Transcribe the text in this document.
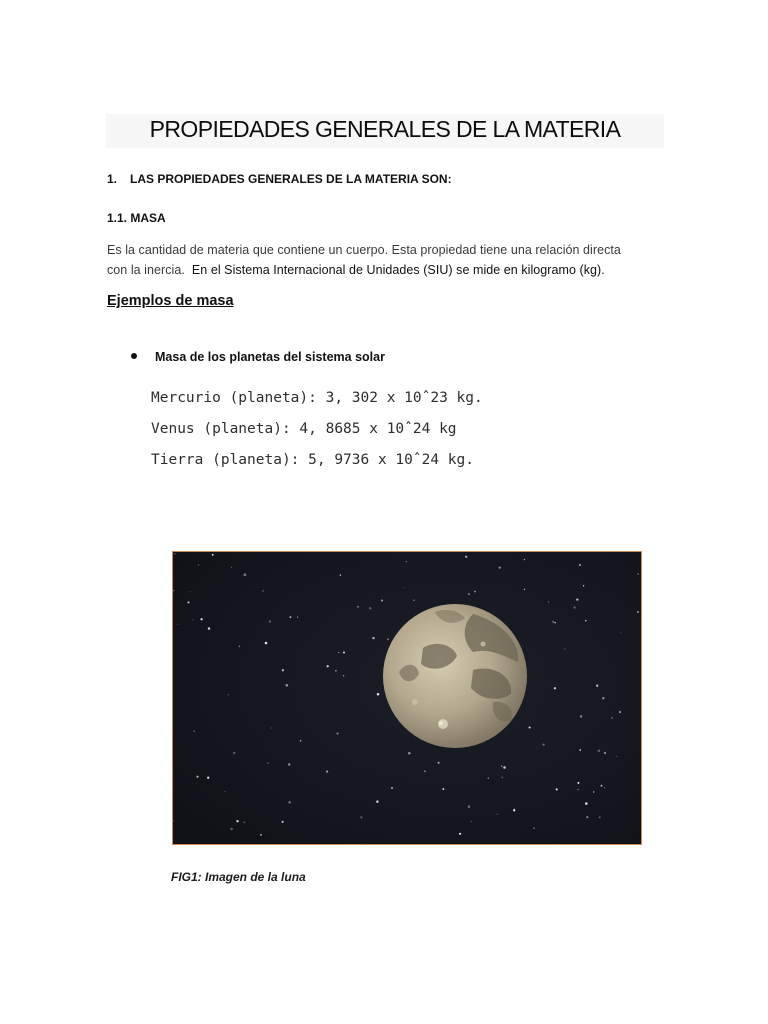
PROPIEDADES GENERALES DE LA MATERIA
1. LAS PROPIEDADES GENERALES DE LA MATERIA SON:
1.1. MASA
Es la cantidad de materia que contiene un cuerpo. Esta propiedad tiene una relación directa
con la inercia. En el Sistema Internacional de Unidades (SIU) se mide en kilogramo (kg).
Ejemplos de masa
Masa de los planetas del sistema solar
Mercurio (planeta): 3, 302 x 10ˆ23 kg.
Venus (planeta): 4, 8685 x 10ˆ24 kg
Tierra (planeta): 5, 9736 x 10ˆ24 kg.
FIG1: Imagen de la luna
